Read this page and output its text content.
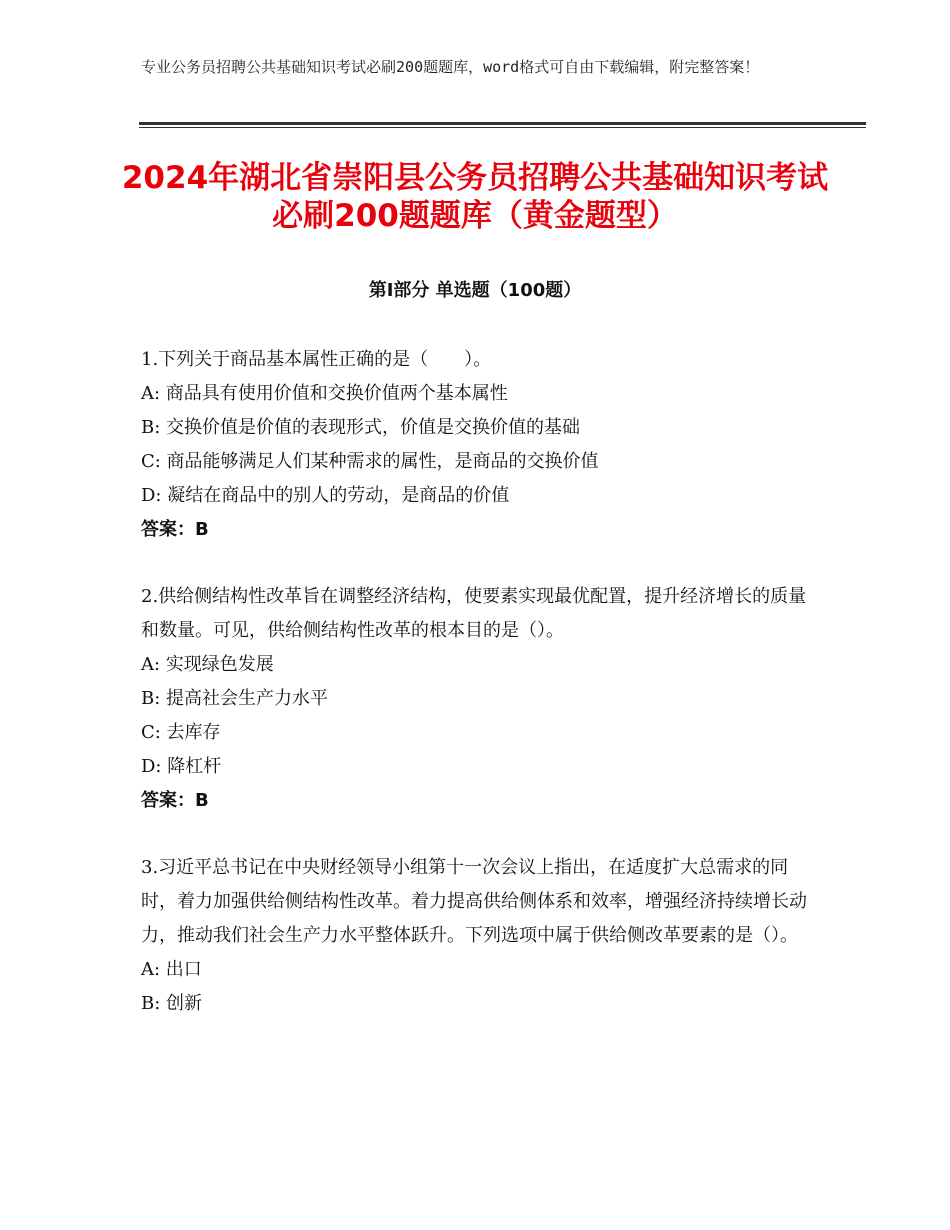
专业公务员招聘公共基础知识考试必刷200题题库，word格式可自由下载编辑，附完整答案！
2024年湖北省崇阳县公务员招聘公共基础知识考试必刷200题题库（黄金题型）
第Ⅰ部分 单选题（100题）
1.下列关于商品基本属性正确的是（　　）。
A: 商品具有使用价值和交换价值两个基本属性
B: 交换价值是价值的表现形式，价值是交换价值的基础
C: 商品能够满足人们某种需求的属性，是商品的交换价值
D: 凝结在商品中的别人的劳动，是商品的价值
答案：B
2.供给侧结构性改革旨在调整经济结构，使要素实现最优配置，提升经济增长的质量和数量。可见，供给侧结构性改革的根本目的是（）。
A: 实现绿色发展
B: 提高社会生产力水平
C: 去库存
D: 降杠杆
答案：B
3.习近平总书记在中央财经领导小组第十一次会议上指出，在适度扩大总需求的同时，着力加强供给侧结构性改革。着力提高供给侧体系和效率，增强经济持续增长动力，推动我们社会生产力水平整体跃升。下列选项中属于供给侧改革要素的是（）。
A: 出口
B: 创新
